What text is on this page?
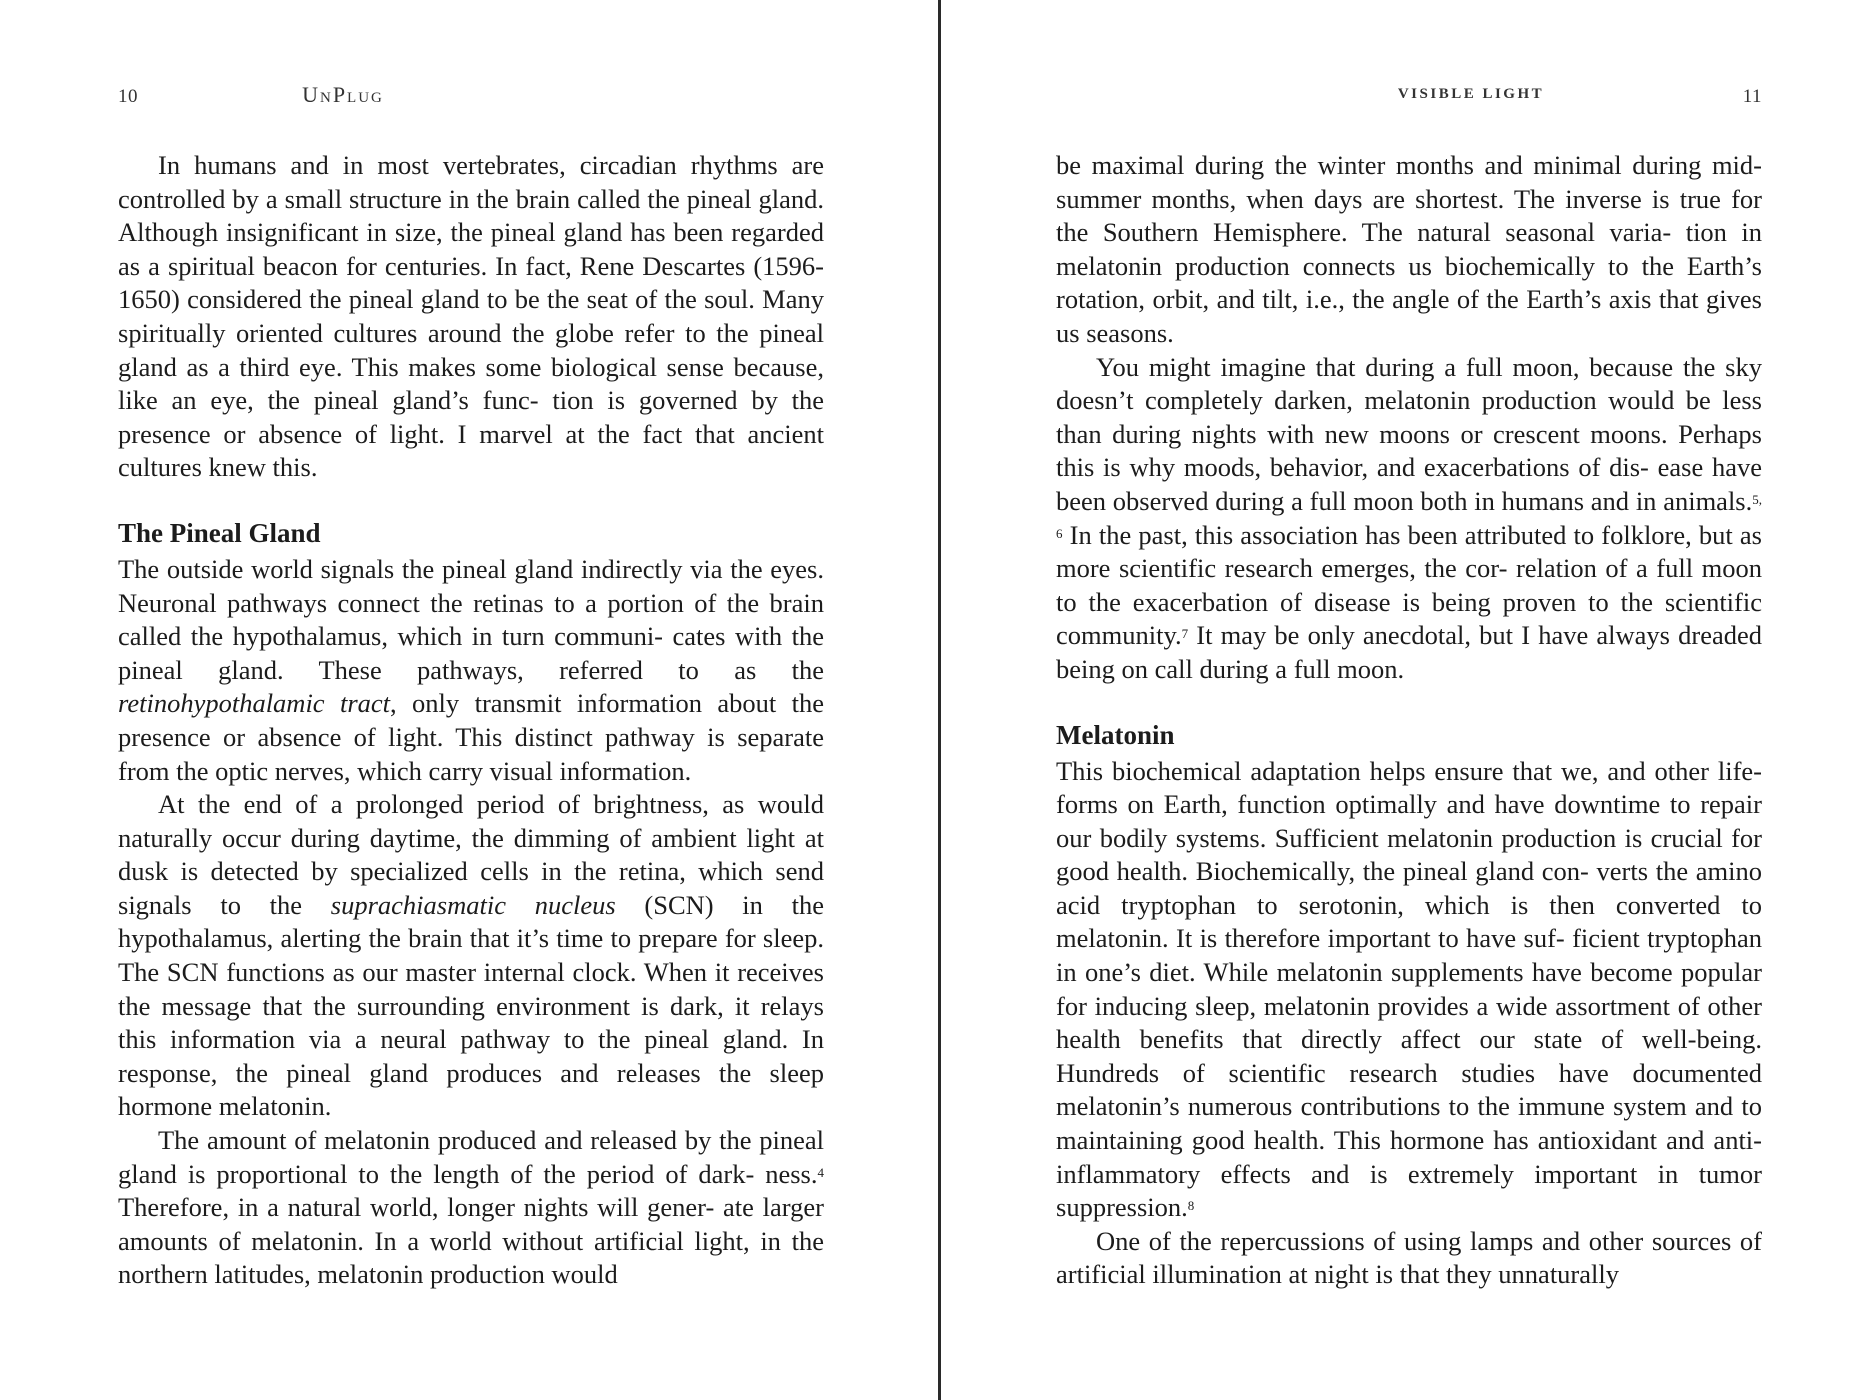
10	UnPlug

In humans and in most vertebrates, circadian rhythms are controlled by a small structure in the brain called the pineal gland. Although insignificant in size, the pineal gland has been regarded as a spiritual beacon for centuries. In fact, Rene Descartes (1596-1650) considered the pineal gland to be the seat of the soul. Many spiritually oriented cultures around the globe refer to the pineal gland as a third eye. This makes some biological sense because, like an eye, the pineal gland’s func- tion is governed by the presence or absence of light. I marvel at the fact that ancient cultures knew this.

The Pineal Gland

The outside world signals the pineal gland indirectly via the eyes. Neuronal pathways connect the retinas to a portion of the brain called the hypothalamus, which in turn communi- cates with the pineal gland. These pathways, referred to as the retinohypothalamic tract, only transmit information about the presence or absence of light. This distinct pathway is separate from the optic nerves, which carry visual information.

At the end of a prolonged period of brightness, as would naturally occur during daytime, the dimming of ambient light at dusk is detected by specialized cells in the retina, which send signals to the suprachiasmatic nucleus (SCN) in the hypothalamus, alerting the brain that it’s time to prepare for sleep. The SCN functions as our master internal clock. When it receives the message that the surrounding environment is dark, it relays this information via a neural pathway to the pineal gland. In response, the pineal gland produces and releases the sleep hormone melatonin.

The amount of melatonin produced and released by the pineal gland is proportional to the length of the period of dark- ness.$^4$ Therefore, in a natural world, longer nights will gener- ate larger amounts of melatonin. In a world without artificial light, in the northern latitudes, melatonin production would

VISIBLE LIGHT	11

be maximal during the winter months and minimal during mid-summer months, when days are shortest. The inverse is true for the Southern Hemisphere. The natural seasonal varia- tion in melatonin production connects us biochemically to the Earth’s rotation, orbit, and tilt, i.e., the angle of the Earth’s axis that gives us seasons.

You might imagine that during a full moon, because the sky doesn’t completely darken, melatonin production would be less than during nights with new moons or crescent moons. Perhaps this is why moods, behavior, and exacerbations of dis- ease have been observed during a full moon both in humans and in animals.$^{5, 6}$ In the past, this association has been attributed to folklore, but as more scientific research emerges, the cor- relation of a full moon to the exacerbation of disease is being proven to the scientific community.$^7$ It may be only anecdotal, but I have always dreaded being on call during a full moon.

Melatonin

This biochemical adaptation helps ensure that we, and other life-forms on Earth, function optimally and have downtime to repair our bodily systems. Sufficient melatonin production is crucial for good health. Biochemically, the pineal gland con- verts the amino acid tryptophan to serotonin, which is then converted to melatonin. It is therefore important to have suf- ficient tryptophan in one’s diet. While melatonin supplements have become popular for inducing sleep, melatonin provides a wide assortment of other health benefits that directly affect our state of well-being. Hundreds of scientific research studies have documented melatonin’s numerous contributions to the immune system and to maintaining good health. This hormone has antioxidant and anti-inflammatory effects and is extremely important in tumor suppression.$^8$

One of the repercussions of using lamps and other sources of artificial illumination at night is that they unnaturally
